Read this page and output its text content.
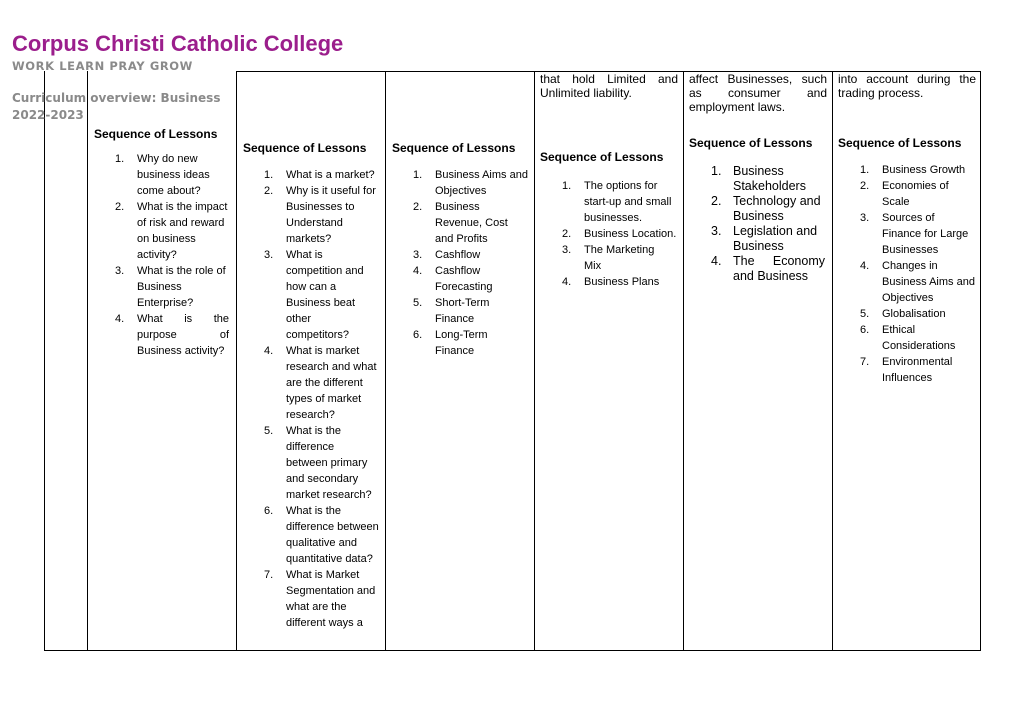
Corpus Christi Catholic College
WORK LEARN PRAY GROW
Curriculum overview: Business
2022-2023
Sequence of Lessons
1. Why do new business ideas come about?
2. What is the impact of risk and reward on business activity?
3. What is the role of Business Enterprise?
4. What is the purpose of Business activity?
Sequence of Lessons
1. What is a market?
2. Why is it useful for Businesses to Understand markets?
3. What is competition and how can a Business beat other competitors?
4. What is market research and what are the different types of market research?
5. What is the difference between primary and secondary market research?
6. What is the difference between qualitative and quantitative data?
7. What is Market Segmentation and what are the different ways a
Sequence of Lessons
1. Business Aims and Objectives
2. Business Revenue, Cost and Profits
3. Cashflow
4. Cashflow Forecasting
5. Short-Term Finance
6. Long-Term Finance

that hold Limited and Unlimited liability.

Sequence of Lessons
1. The options for start-up and small businesses.
2. Business Location.
3. The Marketing Mix
4. Business Plans

affect Businesses, such as consumer and employment laws.

Sequence of Lessons
1. Business Stakeholders
2. Technology and Business
3. Legislation and Business
4. The Economy and Business

into account during the trading process.

Sequence of Lessons
1. Business Growth
2. Economies of Scale
3. Sources of Finance for Large Businesses
4. Changes in Business Aims and Objectives
5. Globalisation
6. Ethical Considerations
7. Environmental Influences
